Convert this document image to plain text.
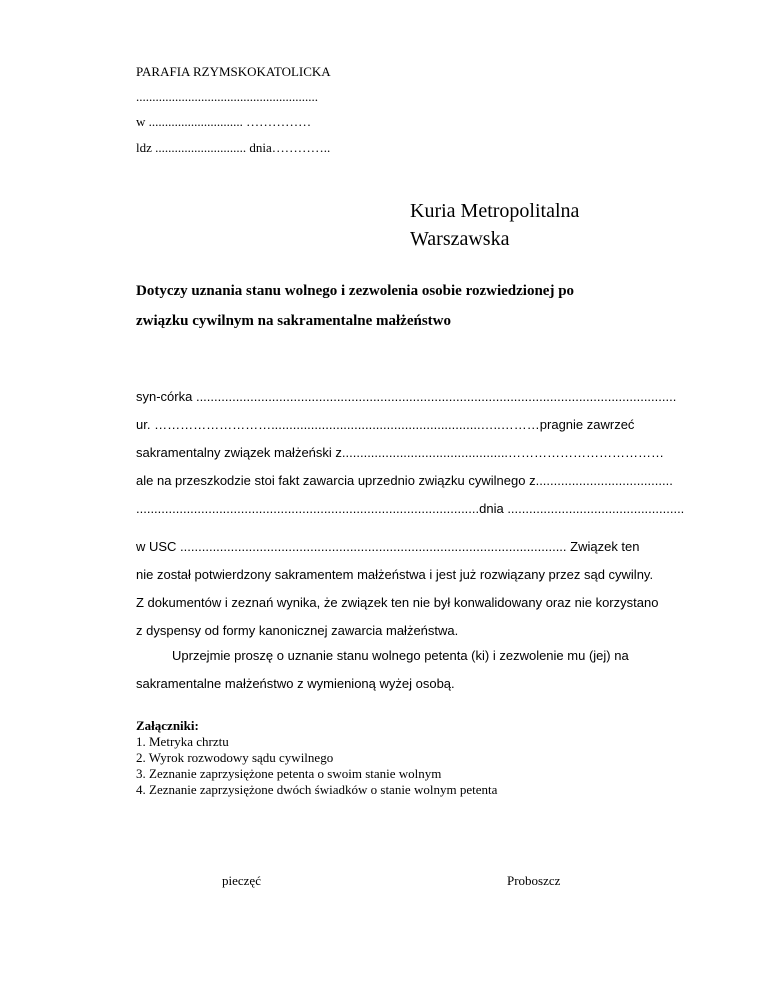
PARAFIA RZYMSKOKATOLICKA
........................................................
w ............................. ……………
ldz ............................ dnia…………..
Kuria Metropolitalna
Warszawska
Dotyczy uznania stanu wolnego i zezwolenia osobie rozwiedzionej po
związku cywilnym na sakramentalne małżeństwo
syn-córka .....................................................................................................................................
ur. ………………………..........................................................…..………pragnie zawrzeć
sakramentalny związek małżeński z..............................................………………………………
ale na przeszkodzie stoi fakt zawarcia uprzednio związku cywilnego z......................................
...............................................................................................dnia .................................................
w USC ........................................................................................................... Związek ten
nie został potwierdzony sakramentem małżeństwa i jest już rozwiązany przez sąd cywilny.
Z dokumentów i zeznań wynika, że związek ten nie był konwalidowany oraz nie korzystano
z dyspensy od formy kanonicznej zawarcia małżeństwa.
Uprzejmie proszę o uznanie stanu wolnego petenta (ki) i zezwolenie mu (jej) na
sakramentalne małżeństwo z wymienioną wyżej osobą.
Załączniki:
1. Metryka chrztu
2. Wyrok rozwodowy sądu cywilnego
3. Zeznanie zaprzysiężone petenta o swoim stanie wolnym
4. Zeznanie zaprzysiężone dwóch świadków o stanie wolnym petenta
pieczęć	Proboszcz
